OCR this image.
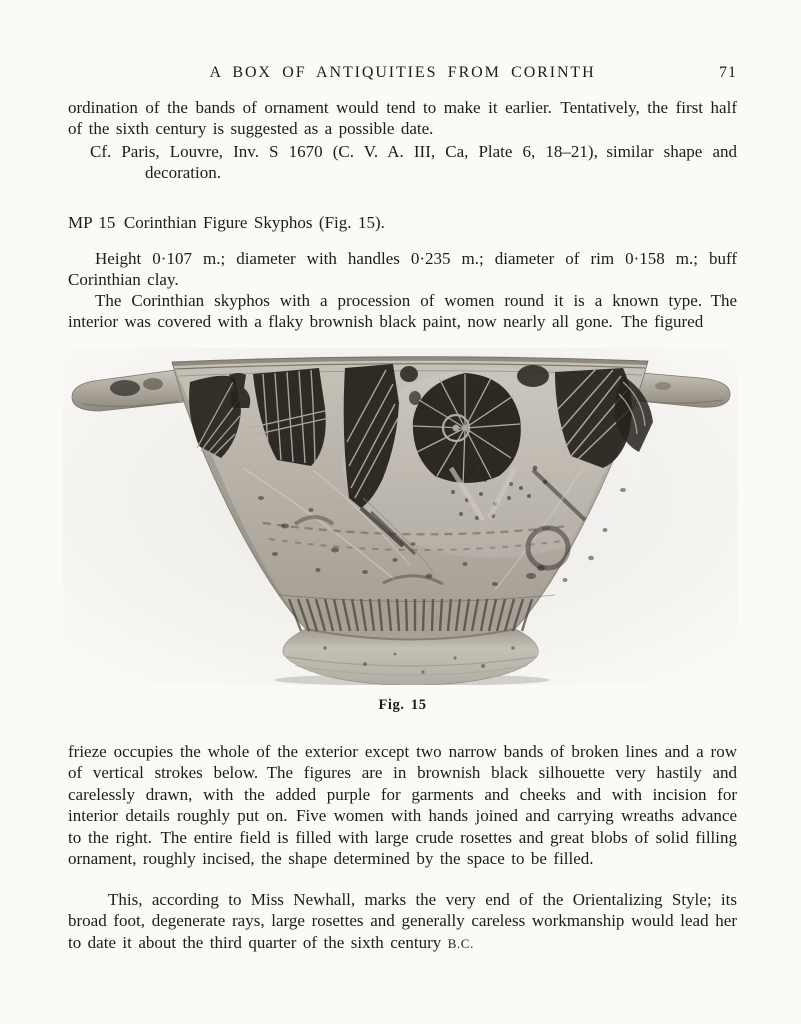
A BOX OF ANTIQUITIES FROM CORINTH	71

ordination of the bands of ornament would tend to make it earlier. Tentatively, the first half of the sixth century is suggested as a possible date.

Cf. Paris, Louvre, Inv. S 1670 (C. V. A. III, Ca, Plate 6, 18–21), similar shape and
decoration.

MP 15 Corinthian Figure Skyphos (Fig. 15).

Height 0·107 m.; diameter with handles 0·235 m.; diameter of rim 0·158 m.; buff Corinthian clay.

The Corinthian skyphos with a procession of women round it is a known type. The interior was covered with a flaky brownish black paint, now nearly all gone. The figured

Fig. 15

frieze occupies the whole of the exterior except two narrow bands of broken lines and a row of vertical strokes below. The figures are in brownish black silhouette very hastily and carelessly drawn, with the added purple for garments and cheeks and with incision for interior details roughly put on. Five women with hands joined and carrying wreaths advance to the right. The entire field is filled with large crude rosettes and great blobs of solid filling ornament, roughly incised, the shape determined by the space to be filled.

This, according to Miss Newhall, marks the very end of the Orientalizing Style; its broad foot, degenerate rays, large rosettes and generally careless workmanship would lead her to date it about the third quarter of the sixth century B.C.
